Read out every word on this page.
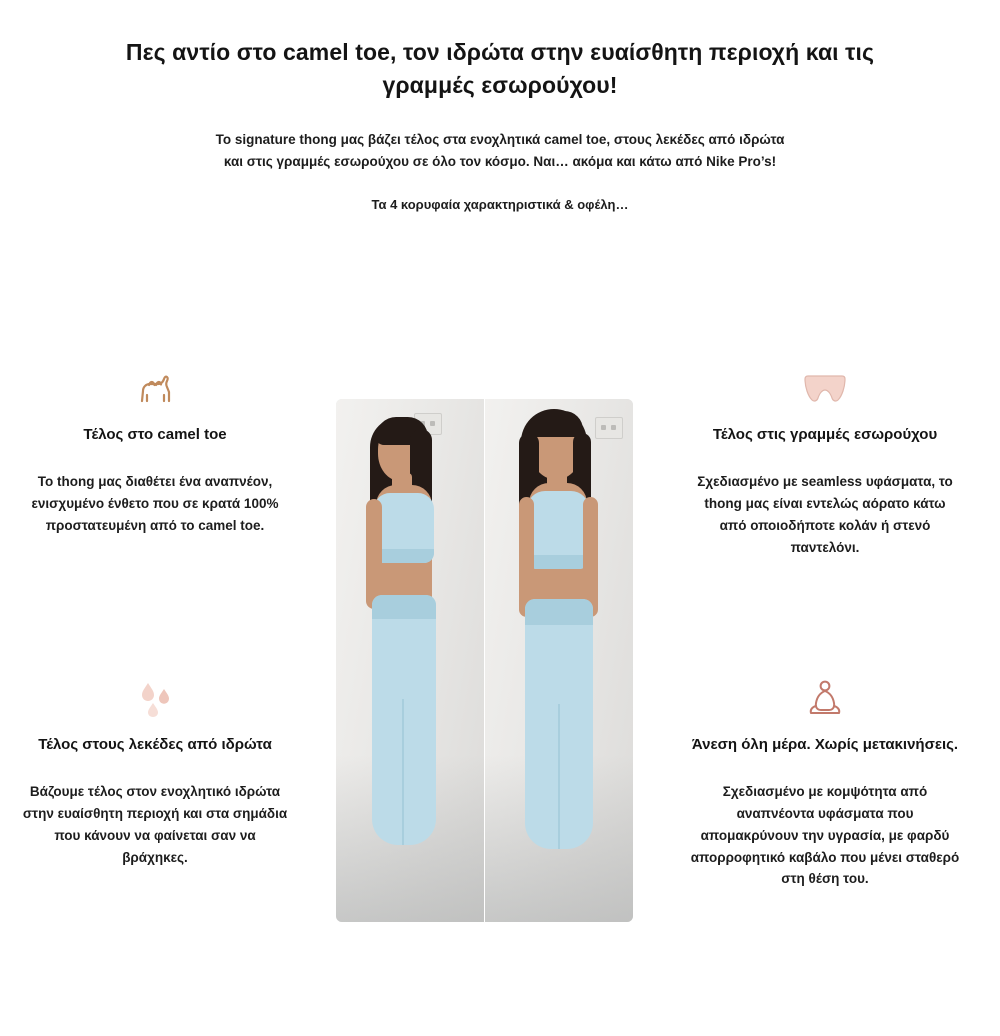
Πες αντίο στο camel toe, τον ιδρώτα στην ευαίσθητη περιοχή και τις γραμμές εσωρούχου!

Το signature thong μας βάζει τέλος στα ενοχλητικά camel toe, στους λεκέδες από ιδρώτα και στις γραμμές εσωρούχου σε όλο τον κόσμο. Ναι… ακόμα και κάτω από Nike Pro’s!

Τα 4 κορυφαία χαρακτηριστικά & οφέλη…

Τέλος στο camel toe
Το thong μας διαθέτει ένα αναπνέον, ενισχυμένο ένθετο που σε κρατά 100% προστατευμένη από το camel toe.
Τέλος στις γραμμές εσωρούχου
Σχεδιασμένο με seamless υφάσματα, το thong μας είναι εντελώς αόρατο κάτω από οποιοδήποτε κολάν ή στενό παντελόνι.
Τέλος στους λεκέδες από ιδρώτα
Βάζουμε τέλος στον ενοχλητικό ιδρώτα στην ευαίσθητη περιοχή και στα σημάδια που κάνουν να φαίνεται σαν να βράχηκες.
Άνεση όλη μέρα. Χωρίς μετακινήσεις.
Σχεδιασμένο με κομψότητα από αναπνέοντα υφάσματα που απομακρύνουν την υγρασία, με φαρδύ απορροφητικό καβάλο που μένει σταθερό στη θέση του.
